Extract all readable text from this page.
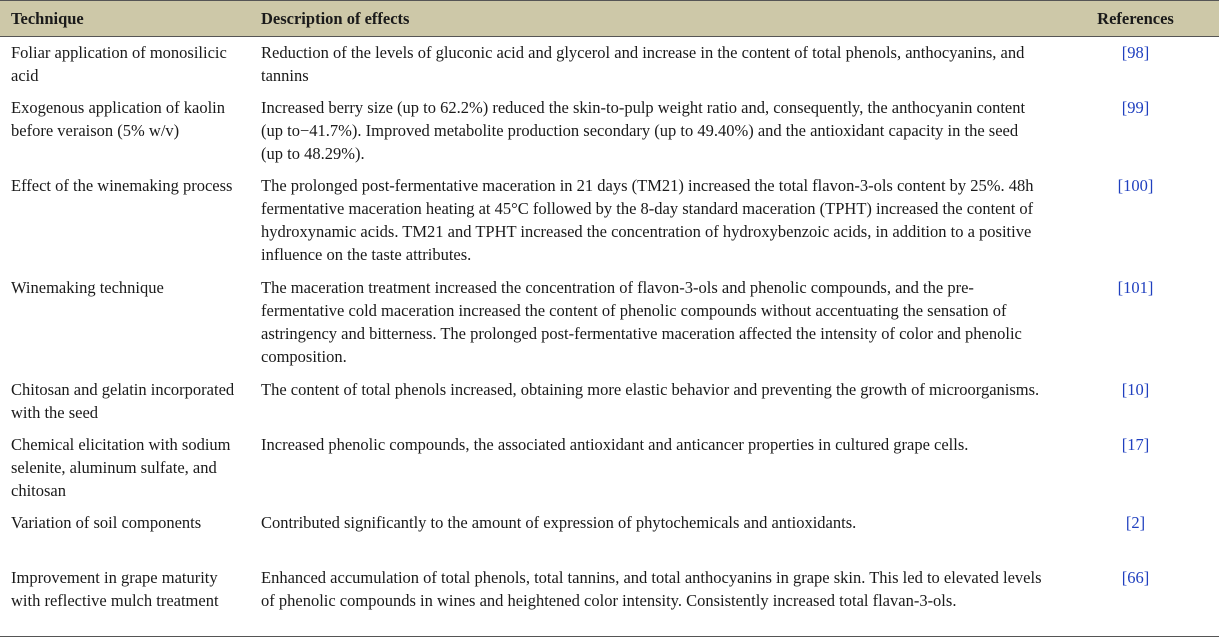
Technique	Description of effects	References
Foliar application of monosilicic acid	Reduction of the levels of gluconic acid and glycerol and increase in the content of total phenols, anthocyanins, and tannins	[98]
Exogenous application of kaolin before veraison (5% w/v)	Increased berry size (up to 62.2%) reduced the skin-to-pulp weight ratio and, consequently, the anthocyanin content (up to−41.7%). Improved metabolite production secondary (up to 49.40%) and the antioxidant capacity in the seed (up to 48.29%).	[99]
Effect of the winemaking process	The prolonged post-fermentative maceration in 21 days (TM21) increased the total flavon-3-ols content by 25%. 48h fermentative maceration heating at 45°C followed by the 8-day standard maceration (TPHT) increased the content of hydroxynamic acids. TM21 and TPHT increased the concentration of hydroxybenzoic acids, in addition to a positive influence on the taste attributes.	[100]
Winemaking technique	The maceration treatment increased the concentration of flavon-3-ols and phenolic compounds, and the pre-fermentative cold maceration increased the content of phenolic compounds without accentuating the sensation of astringency and bitterness. The prolonged post-fermentative maceration affected the intensity of color and phenolic composition.	[101]
Chitosan and gelatin incorporated with the seed	The content of total phenols increased, obtaining more elastic behavior and preventing the growth of microorganisms.	[10]
Chemical elicitation with sodium selenite, aluminum sulfate, and chitosan	Increased phenolic compounds, the associated antioxidant and anticancer properties in cultured grape cells.	[17]
Variation of soil components	Contributed significantly to the amount of expression of phytochemicals and antioxidants.	[2]
Improvement in grape maturity with reflective mulch treatment	Enhanced accumulation of total phenols, total tannins, and total anthocyanins in grape skin. This led to elevated levels of phenolic compounds in wines and heightened color intensity. Consistently increased total flavan-3-ols.	[66]
